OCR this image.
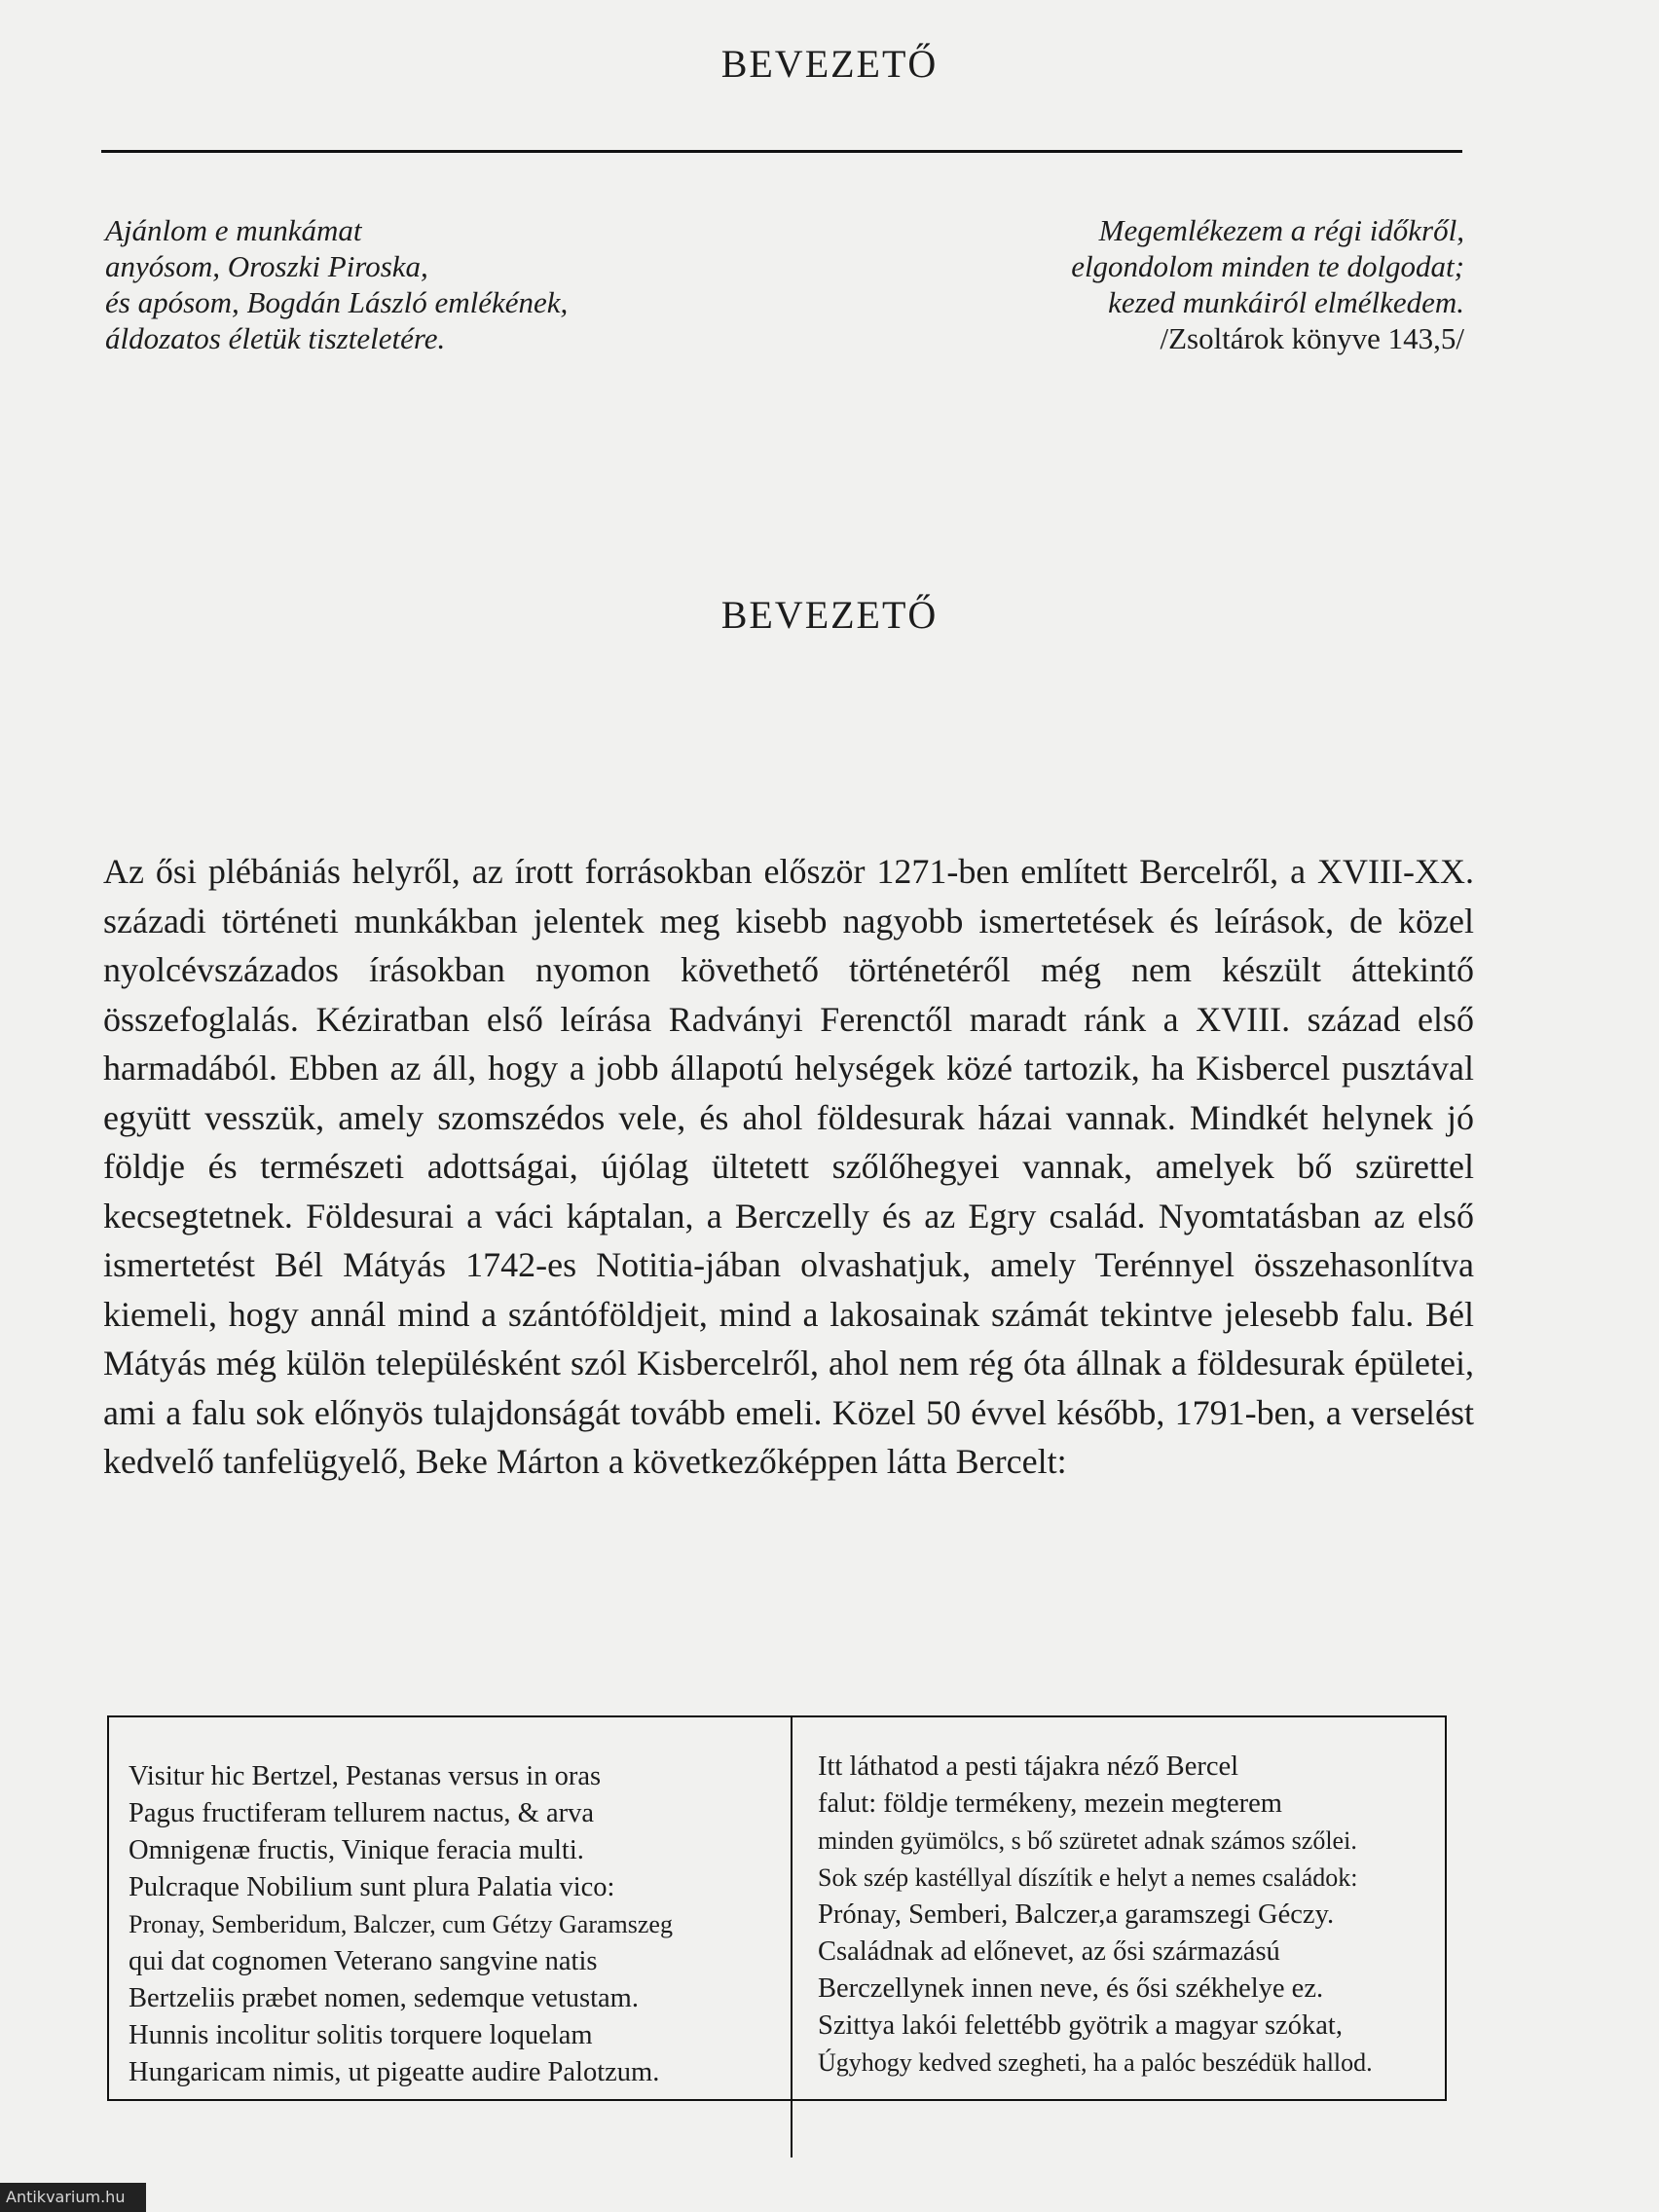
BEVEZETŐ
Ajánlom e munkámat
anyósom, Oroszki Piroska,
és apósom, Bogdán László emlékének,
áldozatos életük tiszteletére.
Megemlékezem a régi időkről,
elgondolom minden te dolgodat;
kezed munkáiról elmélkedem.
/Zsoltárok könyve 143,5/
BEVEZETŐ
Az ősi plébániás helyről, az írott forrásokban először 1271-ben említett Bercelről, a XVIII-XX. századi történeti munkákban jelentek meg kisebb nagyobb ismertetések és leírások, de közel nyolcévszázados írásokban nyomon követhető történetéről még nem készült áttekintő összefoglalás. Kéziratban első leírása Radványi Ferenctől maradt ránk a XVIII. század első harmadából. Ebben az áll, hogy a jobb állapotú helységek közé tartozik, ha Kisbercel pusztával együtt vesszük, amely szomszédos vele, és ahol földesurak házai vannak. Mindkét helynek jó földje és természeti adottságai, újólag ültetett szőlőhegyei vannak, amelyek bő szürettel kecsegtetnek. Földesurai a váci káptalan, a Berczelly és az Egry család. Nyomtatásban az első ismertetést Bél Mátyás 1742-es Notitia-jában olvashatjuk, amely Terénnyel összehasonlítva kiemeli, hogy annál mind a szántóföldjeit, mind a lakosainak számát tekintve jelesebb falu. Bél Mátyás még külön településként szól Kisbercelről, ahol nem rég óta állnak a földesurak épületei, ami a falu sok előnyös tulajdonságát tovább emeli. Közel 50 évvel később, 1791-ben, a verselést kedvelő tanfelügyelő, Beke Márton a következőképpen látta Bercelt:
Visitur hic Bertzel, Pestanas versus in oras
Pagus fructiferam tellurem nactus, & arva
Omnigenæ fructis, Vinique feracia multi.
Pulcraque Nobilium sunt plura Palatia vico:
Pronay, Semberidum, Balczer, cum Gétzy Garamszeg
qui dat cognomen Veterano sangvine natis
Bertzeliis præbet nomen, sedemque vetustam.
Hunnis incolitur solitis torquere loquelam
Hungaricam nimis, ut pigeatte audire Palotzum.
Itt láthatod a pesti tájakra néző Bercel
falut: földje termékeny, mezein megterem
minden gyümölcs, s bő szüretet adnak számos szőlei.
Sok szép kastéllyal díszítik e helyt a nemes családok:
Prónay, Semberi, Balczer,a garamszegi Géczy.
Családnak ad előnevet, az ősi származású
Berczellynek innen neve, és ősi székhelye ez.
Szittya lakói felettébb gyötrik a magyar szókat,
Úgyhogy kedved szegheti, ha a palóc beszédük hallod.
Antikvarium.hu
